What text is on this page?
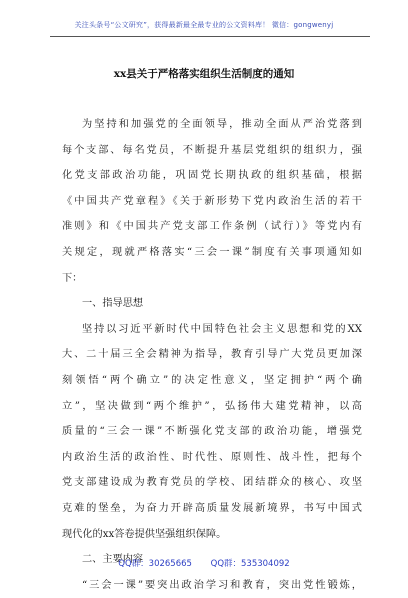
关注头条号“公文研究”，获得最新最全最专业的公文资料库！ 微信：gongwenyj
xx县关于严格落实组织生活制度的通知
为坚持和加强党的全面领导，推动全面从严治党落到
每个支部、每名党员，不断提升基层党组织的组织力，强
化党支部政治功能，巩固党长期执政的组织基础，根据
《中国共产党章程》《关于新形势下党内政治生活的若干
准则》和《中国共产党支部工作条例（试行）》等党内有
关规定，现就严格落实“三会一课”制度有关事项通知如
下：
一、指导思想
坚持以习近平新时代中国特色社会主义思想和党的XX
大、二十届三全会精神为指导，教育引导广大党员更加深
刻领悟“两个确立”的决定性意义，坚定拥护“两个确
立”，坚决做到“两个维护”，弘扬伟大建党精神，以高
质量的“三会一课”不断强化党支部的政治功能，增强党
内政治生活的政治性、时代性、原则性、战斗性，把每个
党支部建设成为教育党员的学校、团结群众的核心、攻坚
克难的堡垒，为奋力开辟高质量发展新境界，书写中国式
现代化的xx答卷提供坚强组织保障。
二、主要内容
“三会一课”要突出政治学习和教育，突出党性锻炼，
QQ群：30265665 QQ群：535304092
